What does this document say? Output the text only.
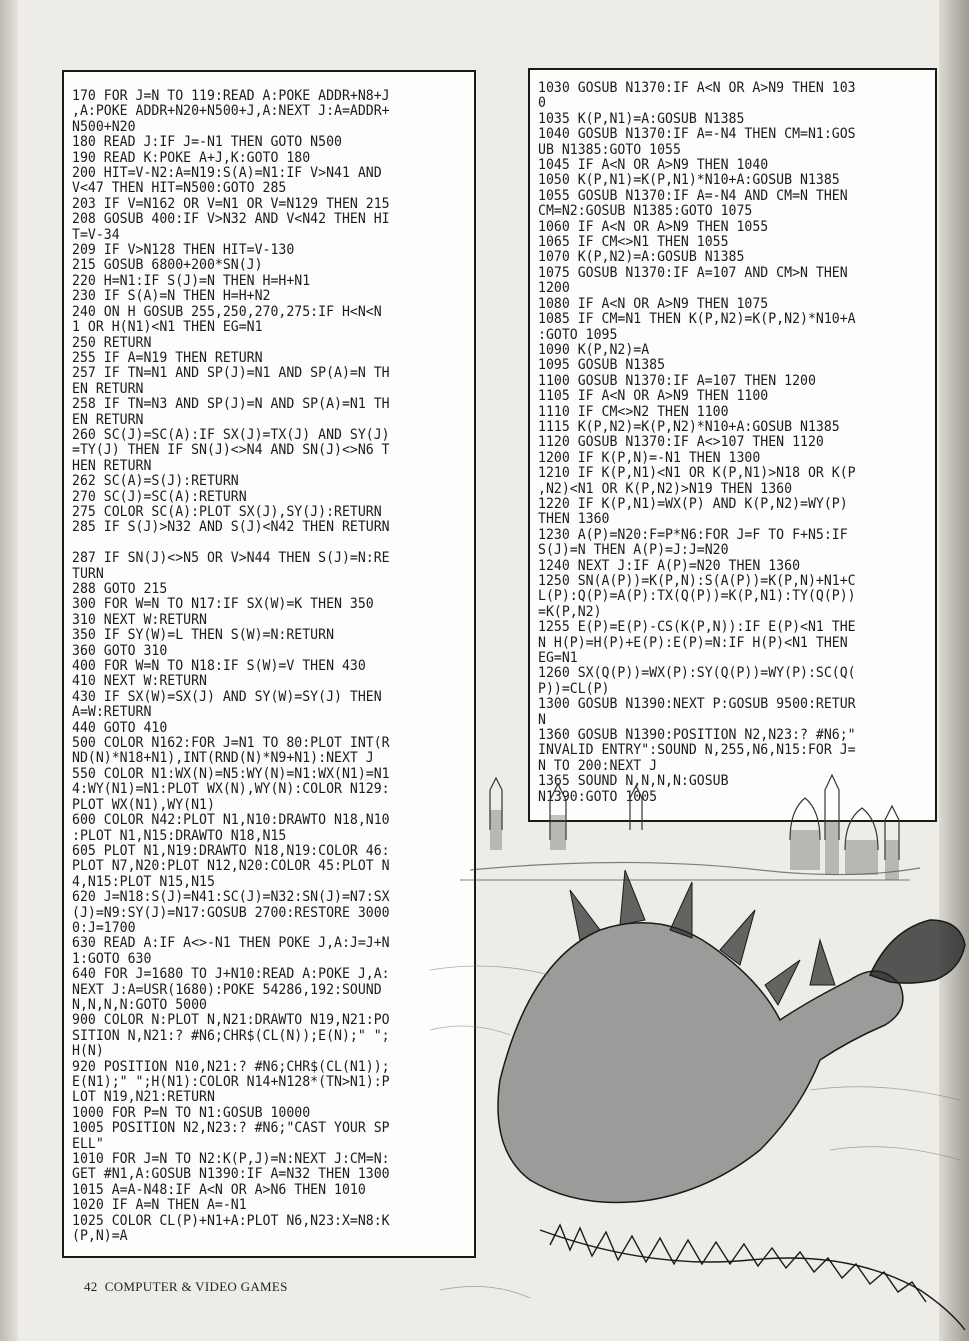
170 FOR J=N TO 119:READ A:POKE ADDR+N8+J
,A:POKE ADDR+N20+N500+J,A:NEXT J:A=ADDR+
N500+N20
180 READ J:IF J=-N1 THEN GOTO N500
190 READ K:POKE A+J,K:GOTO 180
200 HIT=V-N2:A=N19:S(A)=N1:IF V>N41 AND
V<47 THEN HIT=N500:GOTO 285
203 IF V=N162 OR V=N1 OR V=N129 THEN 215
208 GOSUB 400:IF V>N32 AND V<N42 THEN HI
T=V-34
209 IF V>N128 THEN HIT=V-130
215 GOSUB 6800+200*SN(J)
220 H=N1:IF S(J)=N THEN H=H+N1
230 IF S(A)=N THEN H=H+N2
240 ON H GOSUB 255,250,270,275:IF H<N<N
1 OR H(N1)<N1 THEN EG=N1
250 RETURN
255 IF A=N19 THEN RETURN
257 IF TN=N1 AND SP(J)=N1 AND SP(A)=N TH
EN RETURN
258 IF TN=N3 AND SP(J)=N AND SP(A)=N1 TH
EN RETURN
260 SC(J)=SC(A):IF SX(J)=TX(J) AND SY(J)
=TY(J) THEN IF SN(J)<>N4 AND SN(J)<>N6 T
HEN RETURN
262 SC(A)=S(J):RETURN
270 SC(J)=SC(A):RETURN
275 COLOR SC(A):PLOT SX(J),SY(J):RETURN
285 IF S(J)>N32 AND S(J)<N42 THEN RETURN

287 IF SN(J)<>N5 OR V>N44 THEN S(J)=N:RE
TURN
288 GOTO 215
300 FOR W=N TO N17:IF SX(W)=K THEN 350
310 NEXT W:RETURN
350 IF SY(W)=L THEN S(W)=N:RETURN
360 GOTO 310
400 FOR W=N TO N18:IF S(W)=V THEN 430
410 NEXT W:RETURN
430 IF SX(W)=SX(J) AND SY(W)=SY(J) THEN
A=W:RETURN
440 GOTO 410
500 COLOR N162:FOR J=N1 TO 80:PLOT INT(R
ND(N)*N18+N1),INT(RND(N)*N9+N1):NEXT J
550 COLOR N1:WX(N)=N5:WY(N)=N1:WX(N1)=N1
4:WY(N1)=N1:PLOT WX(N),WY(N):COLOR N129:
PLOT WX(N1),WY(N1)
600 COLOR N42:PLOT N1,N10:DRAWTO N18,N10
:PLOT N1,N15:DRAWTO N18,N15
605 PLOT N1,N19:DRAWTO N18,N19:COLOR 46:
PLOT N7,N20:PLOT N12,N20:COLOR 45:PLOT N
4,N15:PLOT N15,N15
620 J=N18:S(J)=N41:SC(J)=N32:SN(J)=N7:SX
(J)=N9:SY(J)=N17:GOSUB 2700:RESTORE 3000
0:J=1700
630 READ A:IF A<>-N1 THEN POKE J,A:J=J+N
1:GOTO 630
640 FOR J=1680 TO J+N10:READ A:POKE J,A:
NEXT J:A=USR(1680):POKE 54286,192:SOUND
N,N,N,N:GOTO 5000
900 COLOR N:PLOT N,N21:DRAWTO N19,N21:PO
SITION N,N21:? #N6;CHR$(CL(N));E(N);" ";
H(N)
920 POSITION N10,N21:? #N6;CHR$(CL(N1));
E(N1);" ";H(N1):COLOR N14+N128*(TN>N1):P
LOT N19,N21:RETURN
1000 FOR P=N TO N1:GOSUB 10000
1005 POSITION N2,N23:? #N6;"CAST YOUR SP
ELL"
1010 FOR J=N TO N2:K(P,J)=N:NEXT J:CM=N:
GET #N1,A:GOSUB N1390:IF A=N32 THEN 1300
1015 A=A-N48:IF A<N OR A>N6 THEN 1010
1020 IF A=N THEN A=-N1
1025 COLOR CL(P)+N1+A:PLOT N6,N23:X=N8:K
(P,N)=A

1030 GOSUB N1370:IF A<N OR A>N9 THEN 103
0
1035 K(P,N1)=A:GOSUB N1385
1040 GOSUB N1370:IF A=-N4 THEN CM=N1:GOS
UB N1385:GOTO 1055
1045 IF A<N OR A>N9 THEN 1040
1050 K(P,N1)=K(P,N1)*N10+A:GOSUB N1385
1055 GOSUB N1370:IF A=-N4 AND CM=N THEN
CM=N2:GOSUB N1385:GOTO 1075
1060 IF A<N OR A>N9 THEN 1055
1065 IF CM<>N1 THEN 1055
1070 K(P,N2)=A:GOSUB N1385
1075 GOSUB N1370:IF A=107 AND CM>N THEN
1200
1080 IF A<N OR A>N9 THEN 1075
1085 IF CM=N1 THEN K(P,N2)=K(P,N2)*N10+A
:GOTO 1095
1090 K(P,N2)=A
1095 GOSUB N1385
1100 GOSUB N1370:IF A=107 THEN 1200
1105 IF A<N OR A>N9 THEN 1100
1110 IF CM<>N2 THEN 1100
1115 K(P,N2)=K(P,N2)*N10+A:GOSUB N1385
1120 GOSUB N1370:IF A<>107 THEN 1120
1200 IF K(P,N)=-N1 THEN 1300
1210 IF K(P,N1)<N1 OR K(P,N1)>N18 OR K(P
,N2)<N1 OR K(P,N2)>N19 THEN 1360
1220 IF K(P,N1)=WX(P) AND K(P,N2)=WY(P)
THEN 1360
1230 A(P)=N20:F=P*N6:FOR J=F TO F+N5:IF
S(J)=N THEN A(P)=J:J=N20
1240 NEXT J:IF A(P)=N20 THEN 1360
1250 SN(A(P))=K(P,N):S(A(P))=K(P,N)+N1+C
L(P):Q(P)=A(P):TX(Q(P))=K(P,N1):TY(Q(P))
=K(P,N2)
1255 E(P)=E(P)-CS(K(P,N)):IF E(P)<N1 THE
N H(P)=H(P)+E(P):E(P)=N:IF H(P)<N1 THEN
EG=N1
1260 SX(Q(P))=WX(P):SY(Q(P))=WY(P):SC(Q(
P))=CL(P)
1300 GOSUB N1390:NEXT P:GOSUB 9500:RETUR
N
1360 GOSUB N1390:POSITION N2,N23:? #N6;"
INVALID ENTRY":SOUND N,255,N6,N15:FOR J=
N TO 200:NEXT J
1365 SOUND N,N,N,N:GOSUB
N1390:GOTO 1005

42 COMPUTER & VIDEO GAMES
